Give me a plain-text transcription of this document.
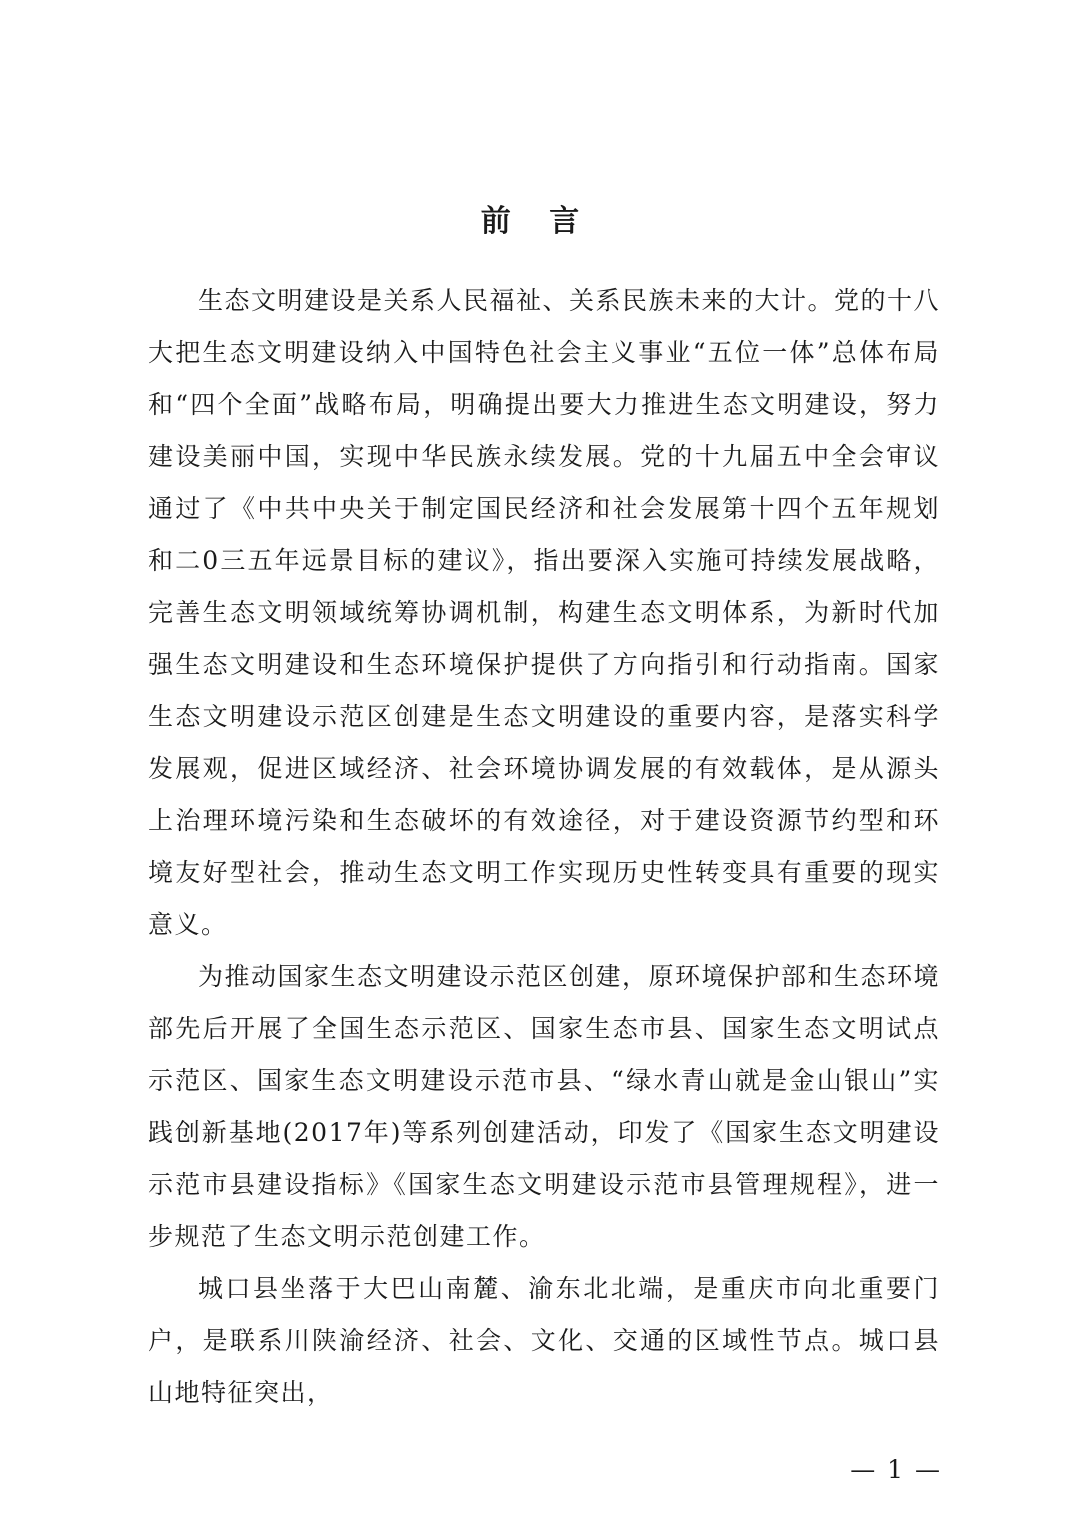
前 言

生态文明建设是关系人民福祉、关系民族未来的大计。党的十八大把生态文明建设纳入中国特色社会主义事业“五位一体”总体布局和“四个全面”战略布局，明确提出要大力推进生态文明建设，努力建设美丽中国，实现中华民族永续发展。党的十九届五中全会审议通过了《中共中央关于制定国民经济和社会发展第十四个五年规划和二0三五年远景目标的建议》，指出要深入实施可持续发展战略，完善生态文明领域统筹协调机制，构建生态文明体系，为新时代加强生态文明建设和生态环境保护提供了方向指引和行动指南。国家生态文明建设示范区创建是生态文明建设的重要内容，是落实科学发展观，促进区域经济、社会环境协调发展的有效载体，是从源头上治理环境污染和生态破坏的有效途径，对于建设资源节约型和环境友好型社会，推动生态文明工作实现历史性转变具有重要的现实意义。

为推动国家生态文明建设示范区创建，原环境保护部和生态环境部先后开展了全国生态示范区、国家生态市县、国家生态文明试点示范区、国家生态文明建设示范市县、“绿水青山就是金山银山”实践创新基地(2017年)等系列创建活动，印发了《国家生态文明建设示范市县建设指标》《国家生态文明建设示范市县管理规程》，进一步规范了生态文明示范创建工作。

城口县坐落于大巴山南麓、渝东北北端，是重庆市向北重要门户，是联系川陕渝经济、社会、文化、交通的区域性节点。城口县山地特征突出，

— 1 —
